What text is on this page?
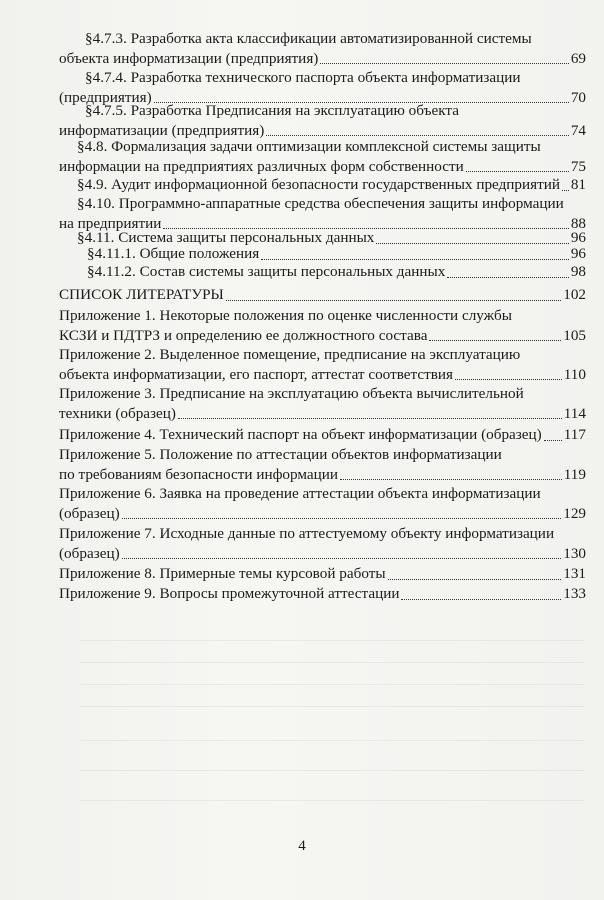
§4.7.3. Разработка акта классификации автоматизированной системы
объекта информатизации (предприятия)	69
§4.7.4. Разработка технического паспорта объекта информатизации
(предприятия)	70
§4.7.5. Разработка Предписания на эксплуатацию объекта
информатизации (предприятия)	74
§4.8. Формализация задачи оптимизации комплексной системы защиты
информации на предприятиях различных форм собственности	75
§4.9. Аудит информационной безопасности государственных предприятий 81
§4.10. Программно-аппаратные средства обеспечения защиты информации
на предприятии	88
§4.11. Система защиты персональных данных	96
§4.11.1. Общие положения	96
§4.11.2. Состав системы защиты персональных данных	98
СПИСОК ЛИТЕРАТУРЫ	102
Приложение 1. Некоторые положения по оценке численности службы
КСЗИ и ПДТРЗ и определению ее должностного состава	105
Приложение 2. Выделенное помещение, предписание на эксплуатацию
объекта информатизации, его паспорт, аттестат соответствия	110
Приложение 3. Предписание на эксплуатацию объекта вычислительной
техники (образец)	114
Приложение 4. Технический паспорт на объект информатизации (образец) 117
Приложение 5. Положение по аттестации объектов информатизации
по требованиям безопасности информации	119
Приложение 6. Заявка на проведение аттестации объекта информатизации
(образец)	129
Приложение 7. Исходные данные по аттестуемому объекту информатизации
(образец)	130
Приложение 8. Примерные темы курсовой работы	131
Приложение 9. Вопросы промежуточной аттестации	133
4
